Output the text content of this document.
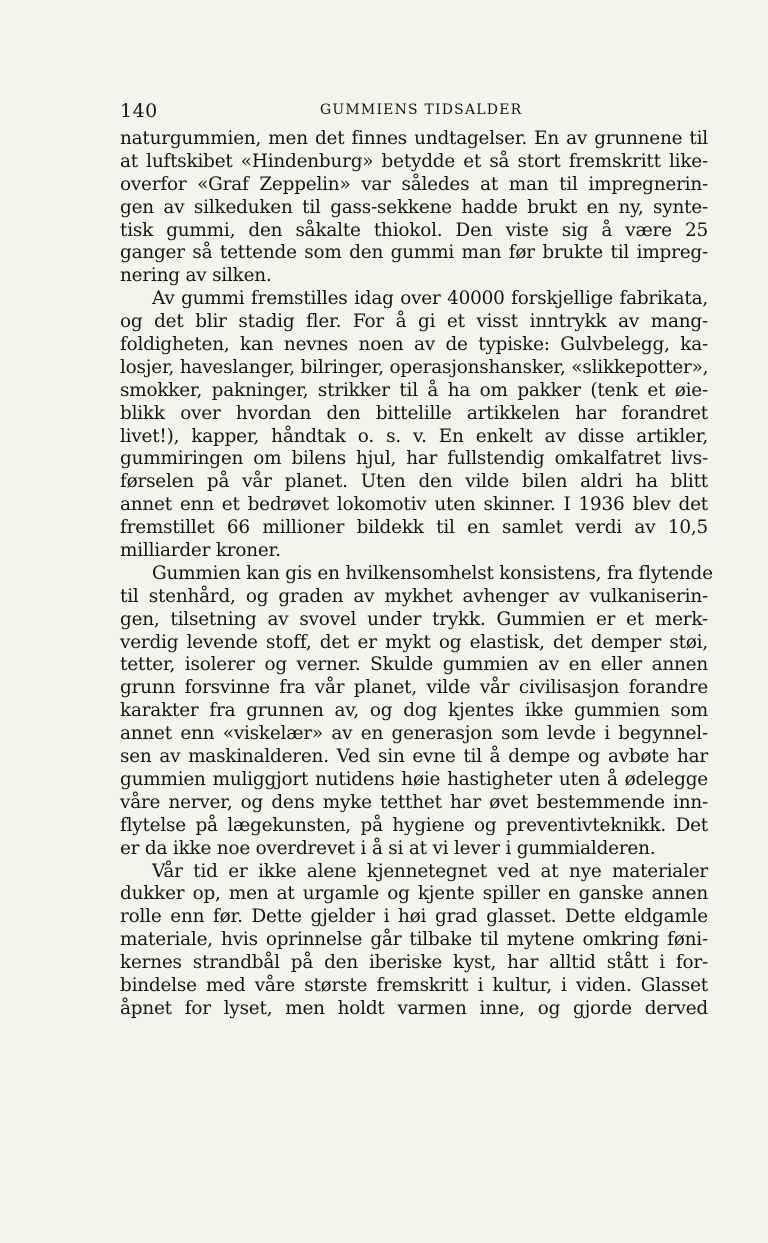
140	GUMMIENS TIDSALDER
naturgummien, men det finnes undtagelser. En av grunnene til
at luftskibet «Hindenburg» betydde et så stort fremskritt like-
overfor «Graf Zeppelin» var således at man til impregnerin-
gen av silkeduken til gass-sekkene hadde brukt en ny, synte-
tisk gummi, den såkalte thiokol. Den viste sig å være 25
ganger så tettende som den gummi man før brukte til impreg-
nering av silken.
Av gummi fremstilles idag over 40000 forskjellige fabrikata,
og det blir stadig fler. For å gi et visst inntrykk av mang-
foldigheten, kan nevnes noen av de typiske: Gulvbelegg, ka-
losjer, haveslanger, bilringer, operasjonshansker, «slikkepotter»,
smokker, pakninger, strikker til å ha om pakker (tenk et øie-
blikk over hvordan den bittelille artikkelen har forandret
livet!), kapper, håndtak o. s. v. En enkelt av disse artikler,
gummiringen om bilens hjul, har fullstendig omkalfatret livs-
førselen på vår planet. Uten den vilde bilen aldri ha blitt
annet enn et bedrøvet lokomotiv uten skinner. I 1936 blev det
fremstillet 66 millioner bildekk til en samlet verdi av 10,5
milliarder kroner.
Gummien kan gis en hvilkensomhelst konsistens, fra flytende
til stenhård, og graden av mykhet avhenger av vulkaniserin-
gen, tilsetning av svovel under trykk. Gummien er et merk-
verdig levende stoff, det er mykt og elastisk, det demper støi,
tetter, isolerer og verner. Skulde gummien av en eller annen
grunn forsvinne fra vår planet, vilde vår civilisasjon forandre
karakter fra grunnen av, og dog kjentes ikke gummien som
annet enn «viskelær» av en generasjon som levde i begynnel-
sen av maskinalderen. Ved sin evne til å dempe og avbøte har
gummien muliggjort nutidens høie hastigheter uten å ødelegge
våre nerver, og dens myke tetthet har øvet bestemmende inn-
flytelse på lægekunsten, på hygiene og preventivteknikk. Det
er da ikke noe overdrevet i å si at vi lever i gummialderen.
Vår tid er ikke alene kjennetegnet ved at nye materialer
dukker op, men at urgamle og kjente spiller en ganske annen
rolle enn før. Dette gjelder i høi grad glasset. Dette eldgamle
materiale, hvis oprinnelse går tilbake til mytene omkring føni-
kernes strandbål på den iberiske kyst, har alltid stått i for-
bindelse med våre største fremskritt i kultur, i viden. Glasset
åpnet for lyset, men holdt varmen inne, og gjorde derved
